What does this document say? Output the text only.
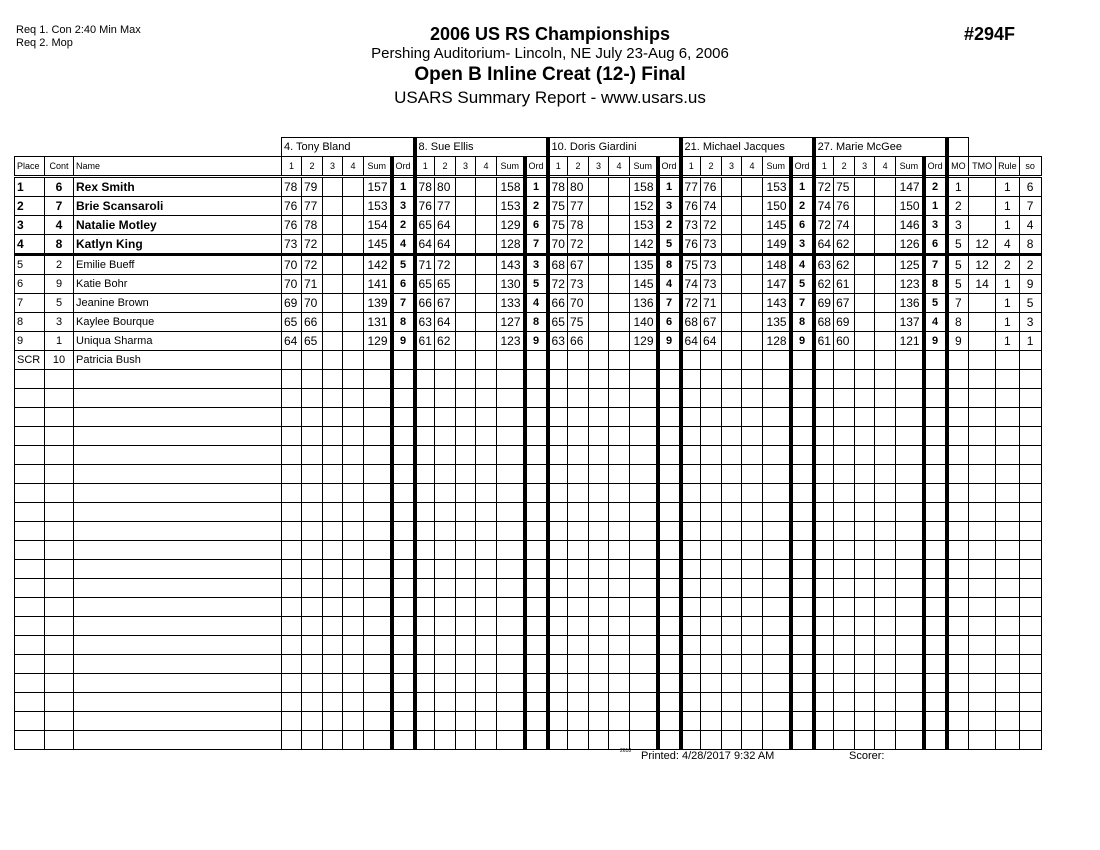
Req 1. Con 2:40 Min Max
Req 2. Mop	2006 US RS Championships
Pershing Auditorium- Lincoln, NE July 23-Aug 6, 2006
Open B Inline Creat (12-) Final
USARS Summary Report - www.usars.us
#294F
			4. Tony Bland						8. Sue Ellis						10. Doris Giardini						21. Michael Jacques						27. Marie McGee									
Place	Cont	Name	1	2	3	4	Sum	Ord	1	2	3	4	Sum	Ord	1	2	3	4	Sum	Ord	1	2	3	4	Sum	Ord	1	2	3	4	Sum	Ord	MO	TMO	Rule	so
1	6	Rex Smith	78	79			157	1	78	80			158	1	78	80			158	1	77	76			153	1	72	75			147	2	1		1	6
2	7	Brie Scansaroli	76	77			153	3	76	77			153	2	75	77			152	3	76	74			150	2	74	76			150	1	2		1	7
3	4	Natalie Motley	76	78			154	2	65	64			129	6	75	78			153	2	73	72			145	6	72	74			146	3	3		1	4
4	8	Katlyn King	73	72			145	4	64	64			128	7	70	72			142	5	76	73			149	3	64	62			126	6	5	12	4	8
5	2	Emilie Bueff	70	72			142	5	71	72			143	3	68	67			135	8	75	73			148	4	63	62			125	7	5	12	2	2
6	9	Katie Bohr	70	71			141	6	65	65			130	5	72	73			145	4	74	73			147	5	62	61			123	8	5	14	1	9
7	5	Jeanine Brown	69	70			139	7	66	67			133	4	66	70			136	7	72	71			143	7	69	67			136	5	7		1	5
8	3	Kaylee Bourque	65	66			131	8	63	64			127	8	65	75			140	6	68	67			135	8	68	69			137	4	8		1	3
9	1	Uniqua Sharma	64	65			129	9	61	62			123	9	63	66			129	9	64	64			128	9	61	60			121	9	9		1	1
SCR	10	Patricia Bush																																		

2618 Printed: 4/28/2017 9:32 AM	Scorer:
